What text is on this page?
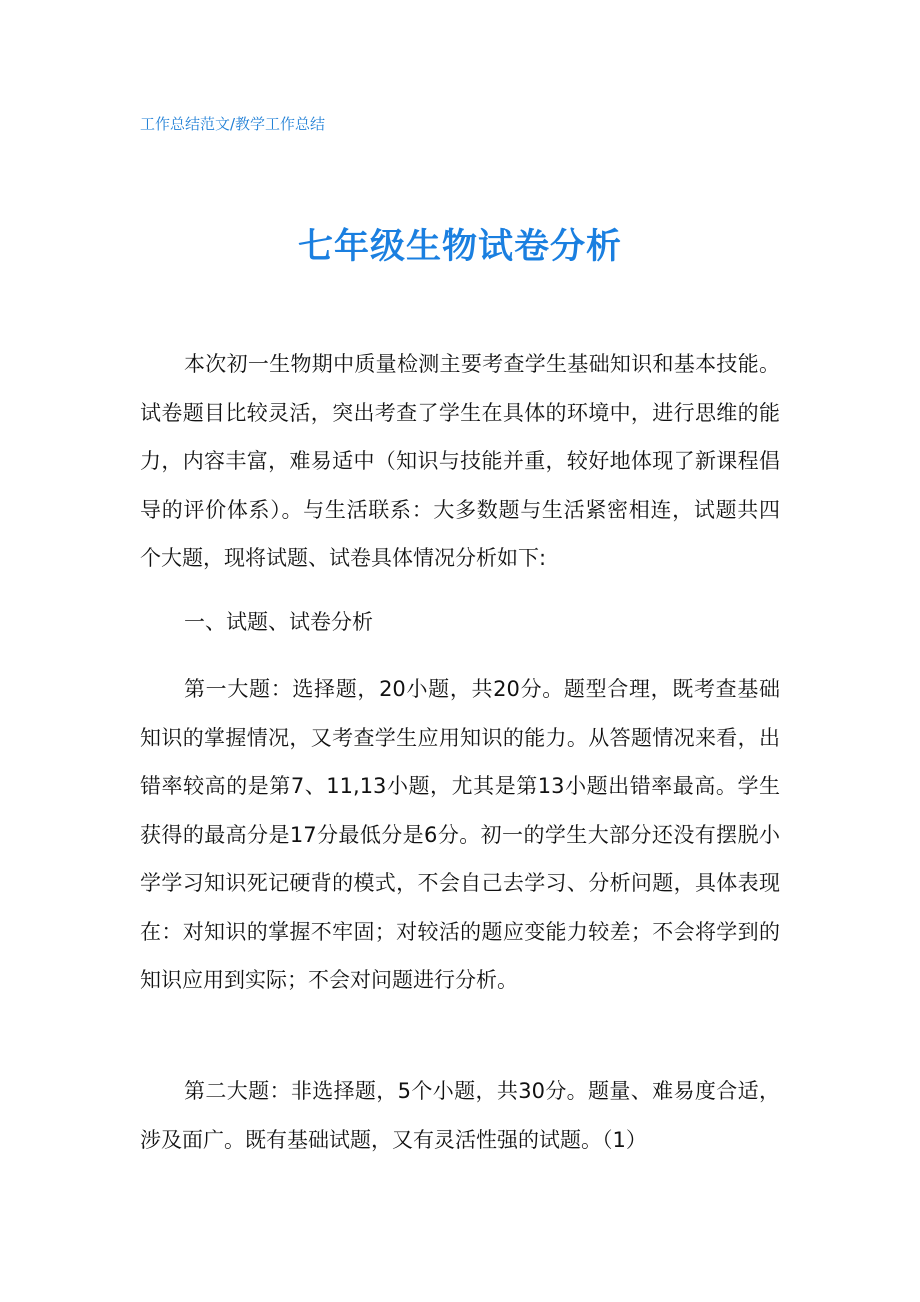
工作总结范文/教学工作总结
七年级生物试卷分析

本次初一生物期中质量检测主要考查学生基础知识和基本技能。试卷题目比较灵活，突出考查了学生在具体的环境中，进行思维的能力，内容丰富，难易适中（知识与技能并重，较好地体现了新课程倡导的评价体系）。与生活联系：大多数题与生活紧密相连，试题共四个大题，现将试题、试卷具体情况分析如下:

一、试题、试卷分析

第一大题：选择题，20小题，共20分。题型合理，既考查基础知识的掌握情况，又考查学生应用知识的能力。从答题情况来看，出错率较高的是第7、11,13小题，尤其是第13小题出错率最高。学生获得的最高分是17分最低分是6分。初一的学生大部分还没有摆脱小学学习知识死记硬背的模式，不会自己去学习、分析问题，具体表现在：对知识的掌握不牢固；对较活的题应变能力较差；不会将学到的知识应用到实际；不会对问题进行分析。

第二大题：非选择题，5个小题，共30分。题量、难易度合适，涉及面广。既有基础试题，又有灵活性强的试题。（1）
